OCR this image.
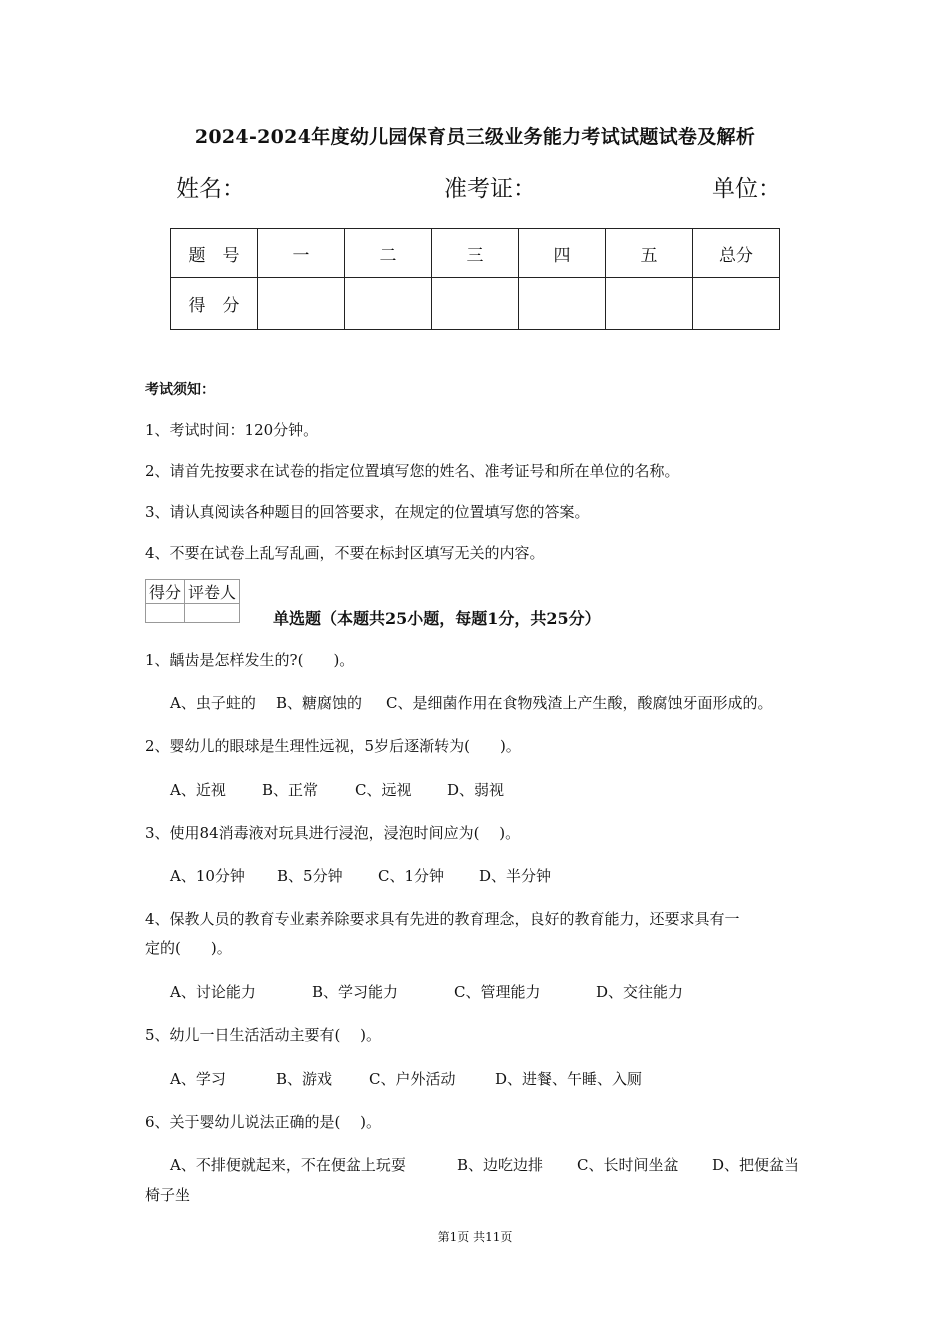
2024-2024年度幼儿园保育员三级业务能力考试试题试卷及解析
姓名：	准考证：	单位：
题　号	一	二	三	四	五	总分
得　分						
考试须知：
1、考试时间：120分钟。
2、请首先按要求在试卷的指定位置填写您的姓名、准考证号和所在单位的名称。
3、请认真阅读各种题目的回答要求，在规定的位置填写您的答案。
4、不要在试卷上乱写乱画，不要在标封区填写无关的内容。
得分	评卷人

单选题（本题共25小题，每题1分，共25分）
1、龋齿是怎样发生的?(　　)。
A、虫子蛀的 B、糖腐蚀的 C、是细菌作用在食物残渣上产生酸，酸腐蚀牙面形成的。
2、婴幼儿的眼球是生理性远视，5岁后逐渐转为(　　)。
A、近视 B、正常 C、远视 D、弱视
3、使用84消毒液对玩具进行浸泡，浸泡时间应为(　 )。
A、10分钟 B、5分钟 C、1分钟 D、半分钟
4、保教人员的教育专业素养除要求具有先进的教育理念，良好的教育能力，还要求具有一
定的(　　)。
A、讨论能力	B、学习能力	C、管理能力	D、交往能力
5、幼儿一日生活活动主要有(　 )。
A、学习	B、游戏 C、户外活动	D、进餐、午睡、入厕
6、关于婴幼儿说法正确的是(　 )。
A、不排便就起来，不在便盆上玩耍	B、边吃边排 C、长时间坐盆 D、把便盆当
椅子坐
第1页 共11页
